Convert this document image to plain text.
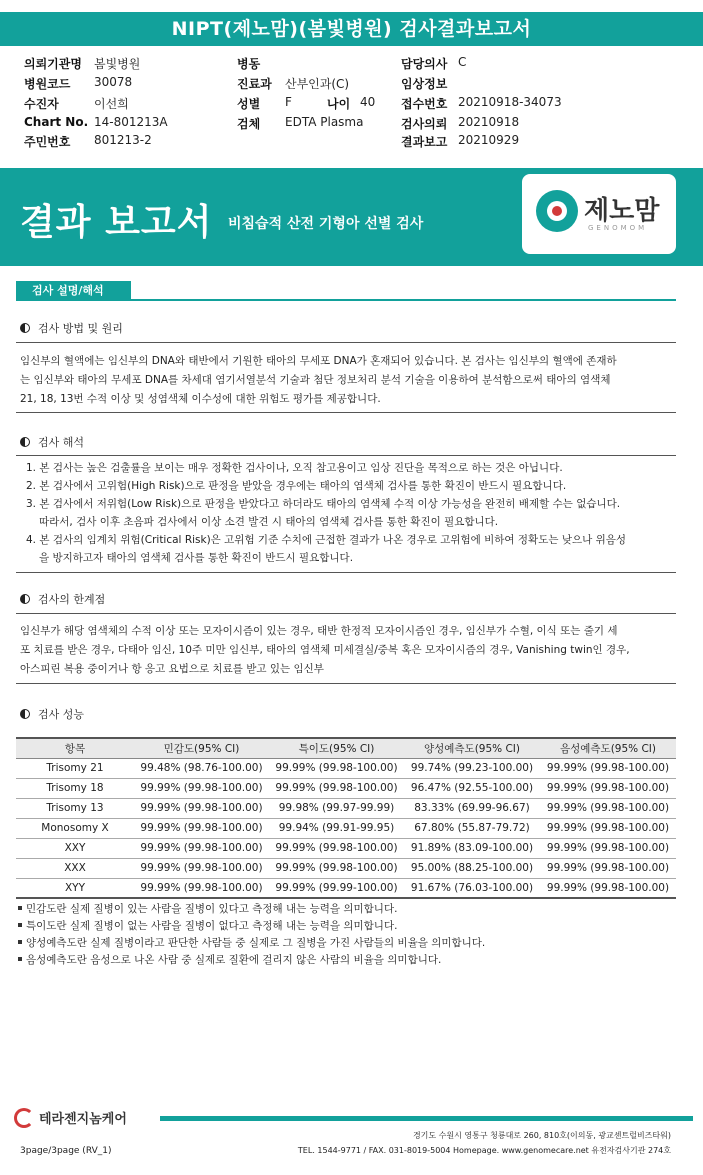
NIPT(제노맘)(봄빛병원) 검사결과보고서
의뢰기관명 봄빛병원
병원코드 30078
수진자	이선희
Chart No. 14-801213A
주민번호 801213-2
병동
진료과 산부인과(C)
성별 F	나이 40
검체 EDTA Plasma
담당의사 C
임상정보
접수번호 20210918-34073
검사의뢰 20210918
결과보고 20210929
결과 보고서 비침습적 산전 기형아 선별 검사	제노맘
GENOMOM
검사 설명/해석
검사 방법 및 원리

임신부의 혈액에는 임신부의 DNA와 태반에서 기원한 태아의 무세포 DNA가 혼재되어 있습니다. 본 검사는 임신부의 혈액에 존재하

는 임신부와 태아의 무세포 DNA를 차세대 염기서열분석 기술과 첨단 정보처리 분석 기술을 이용하여 분석함으로써 태아의 염색체

21, 18, 13번 수적 이상 및 성염색체 이수성에 대한 위험도 평가를 제공합니다.

검사 해석

1. 본 검사는 높은 검출률을 보이는 매우 정확한 검사이나, 오직 참고용이고 임상 진단을 목적으로 하는 것은 아닙니다.

2. 본 검사에서 고위험(High Risk)으로 판정을 받았을 경우에는 태아의 염색체 검사를 통한 확진이 반드시 필요합니다.

3. 본 검사에서 저위험(Low Risk)으로 판정을 받았다고 하더라도 태아의 염색체 수적 이상 가능성을 완전히 배제할 수는 없습니다.

따라서, 검사 이후 초음파 검사에서 이상 소견 발견 시 태아의 염색체 검사를 통한 확진이 필요합니다.

4. 본 검사의 임계치 위험(Critical Risk)은 고위험 기준 수치에 근접한 결과가 나온 경우로 고위험에 비하여 정확도는 낮으나 위음성

을 방지하고자 태아의 염색체 검사를 통한 확진이 반드시 필요합니다.

검사의 한계점

임신부가 해당 염색체의 수적 이상 또는 모자이시즘이 있는 경우, 태반 한정적 모자이시즘인 경우, 임신부가 수혈, 이식 또는 줄기 세

포 치료를 받은 경우, 다태아 임신, 10주 미만 임신부, 태아의 염색체 미세결실/중복 혹은 모자이시즘의 경우, Vanishing twin인 경우,

아스피린 복용 중이거나 항 응고 요법으로 치료를 받고 있는 임신부

검사 성능
항목	민감도(95% CI)	특이도(95% CI)	양성예측도(95% CI)	음성예측도(95% CI)
Trisomy 21	99.48% (98.76-100.00)	99.99% (99.98-100.00)	99.74% (99.23-100.00)	99.99% (99.98-100.00)
Trisomy 18	99.99% (99.98-100.00)	99.99% (99.98-100.00)	96.47% (92.55-100.00)	99.99% (99.98-100.00)
Trisomy 13	99.99% (99.98-100.00)	99.98% (99.97-99.99)	83.33% (69.99-96.67)	99.99% (99.98-100.00)
Monosomy X	99.99% (99.98-100.00)	99.94% (99.91-99.95)	67.80% (55.87-79.72)	99.99% (99.98-100.00)
XXY	99.99% (99.98-100.00)	99.99% (99.98-100.00)	91.89% (83.09-100.00)	99.99% (99.98-100.00)
XXX	99.99% (99.98-100.00)	99.99% (99.98-100.00)	95.00% (88.25-100.00)	99.99% (99.98-100.00)
XYY	99.99% (99.98-100.00)	99.99% (99.99-100.00)	91.67% (76.03-100.00)	99.99% (99.98-100.00)

민감도란 실제 질병이 있는 사람을 질병이 있다고 측정해 내는 능력을 의미합니다.

특이도란 실제 질병이 없는 사람을 질병이 없다고 측정해 내는 능력을 의미합니다.

양성예측도란 실제 질병이라고 판단한 사람들 중 실제로 그 질병을 가진 사람들의 비율을 의미합니다.

음성예측도란 음성으로 나온 사람 중 실제로 질환에 걸리지 않은 사람의 비율을 의미합니다.

테라젠지놈케어
경기도 수원시 영통구 청룡대로 260, 810호(이의동, 광교센트럴비즈타워)
TEL. 1544-9771 / FAX. 031-8019-5004 Homepage. www.genomecare.net 유전자검사기관 274호
3page/3page (RV_1)
